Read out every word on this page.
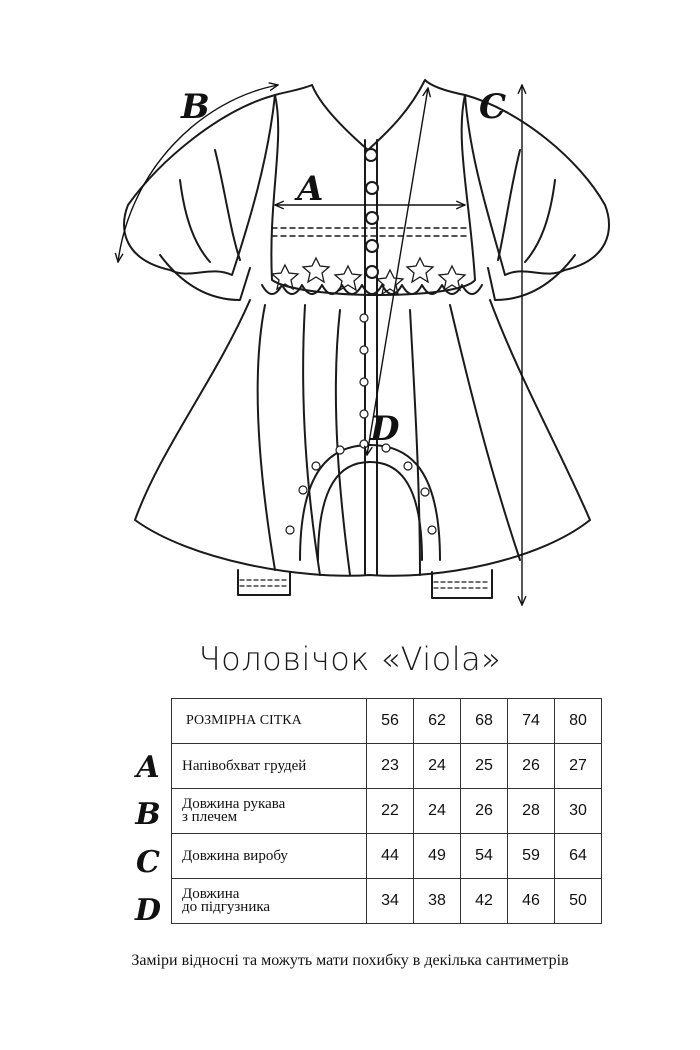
B	C
A
D
Чоловічок «Viola»
A
B
C
D
РОЗМІРНА СІТКА	56	62	68	74	80
Напівобхват грудей	23	24	25	26	27
Довжина рукава
з плечем	22	24	26	28	30
Довжина виробу	44	49	54	59	64
Довжина
до підгузника	34	38	42	46	50
Заміри відносні та можуть мати похибку в декілька сантиметрів
